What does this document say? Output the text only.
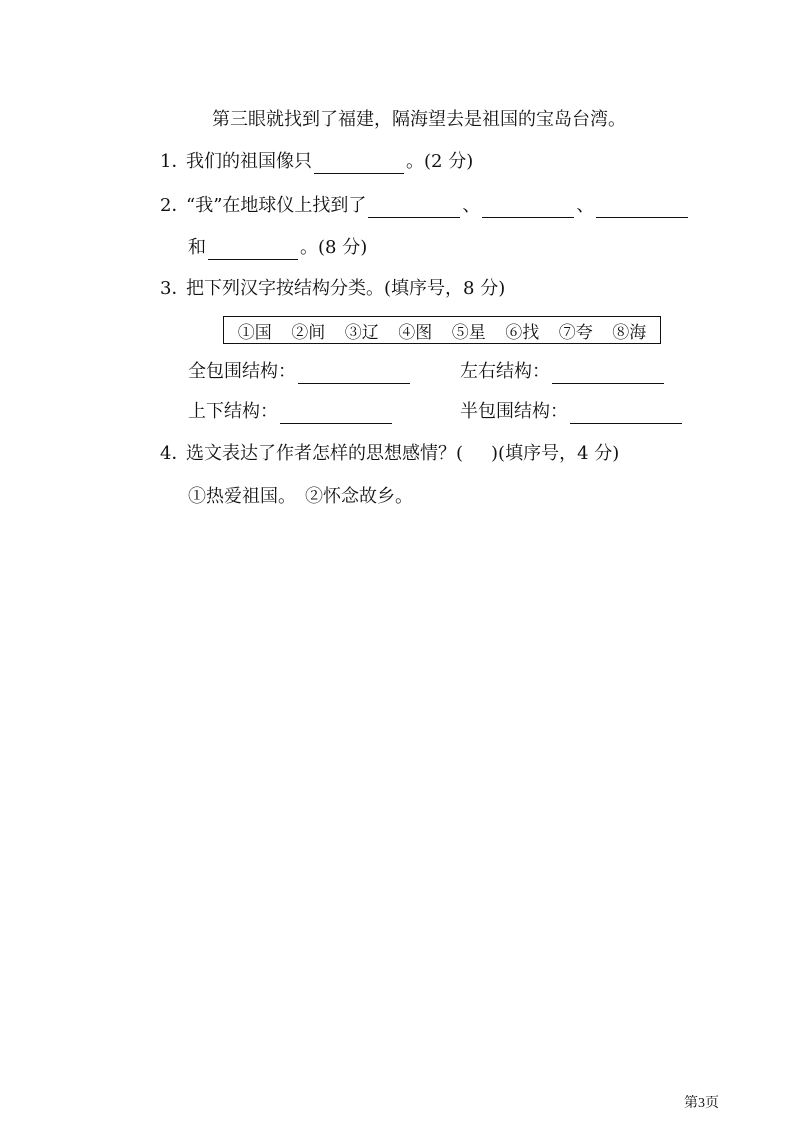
第三眼就找到了福建，隔海望去是祖国的宝岛台湾。
1．
我们的祖国像只	。(2 分)
2．
“我”在地球仪上找到了	、	、
和	。(8 分)
3．
把下列汉字按结构分类。(填序号，8 分)
①国 ②间 ③辽 ④图 ⑤星 ⑥找 ⑦夸 ⑧海
全包围结构：	左右结构：
上下结构：	半包围结构：
4．
选文表达了作者怎样的思想感情？( )(填序号，4 分)
①热爱祖国。　②怀念故乡。
第3页
